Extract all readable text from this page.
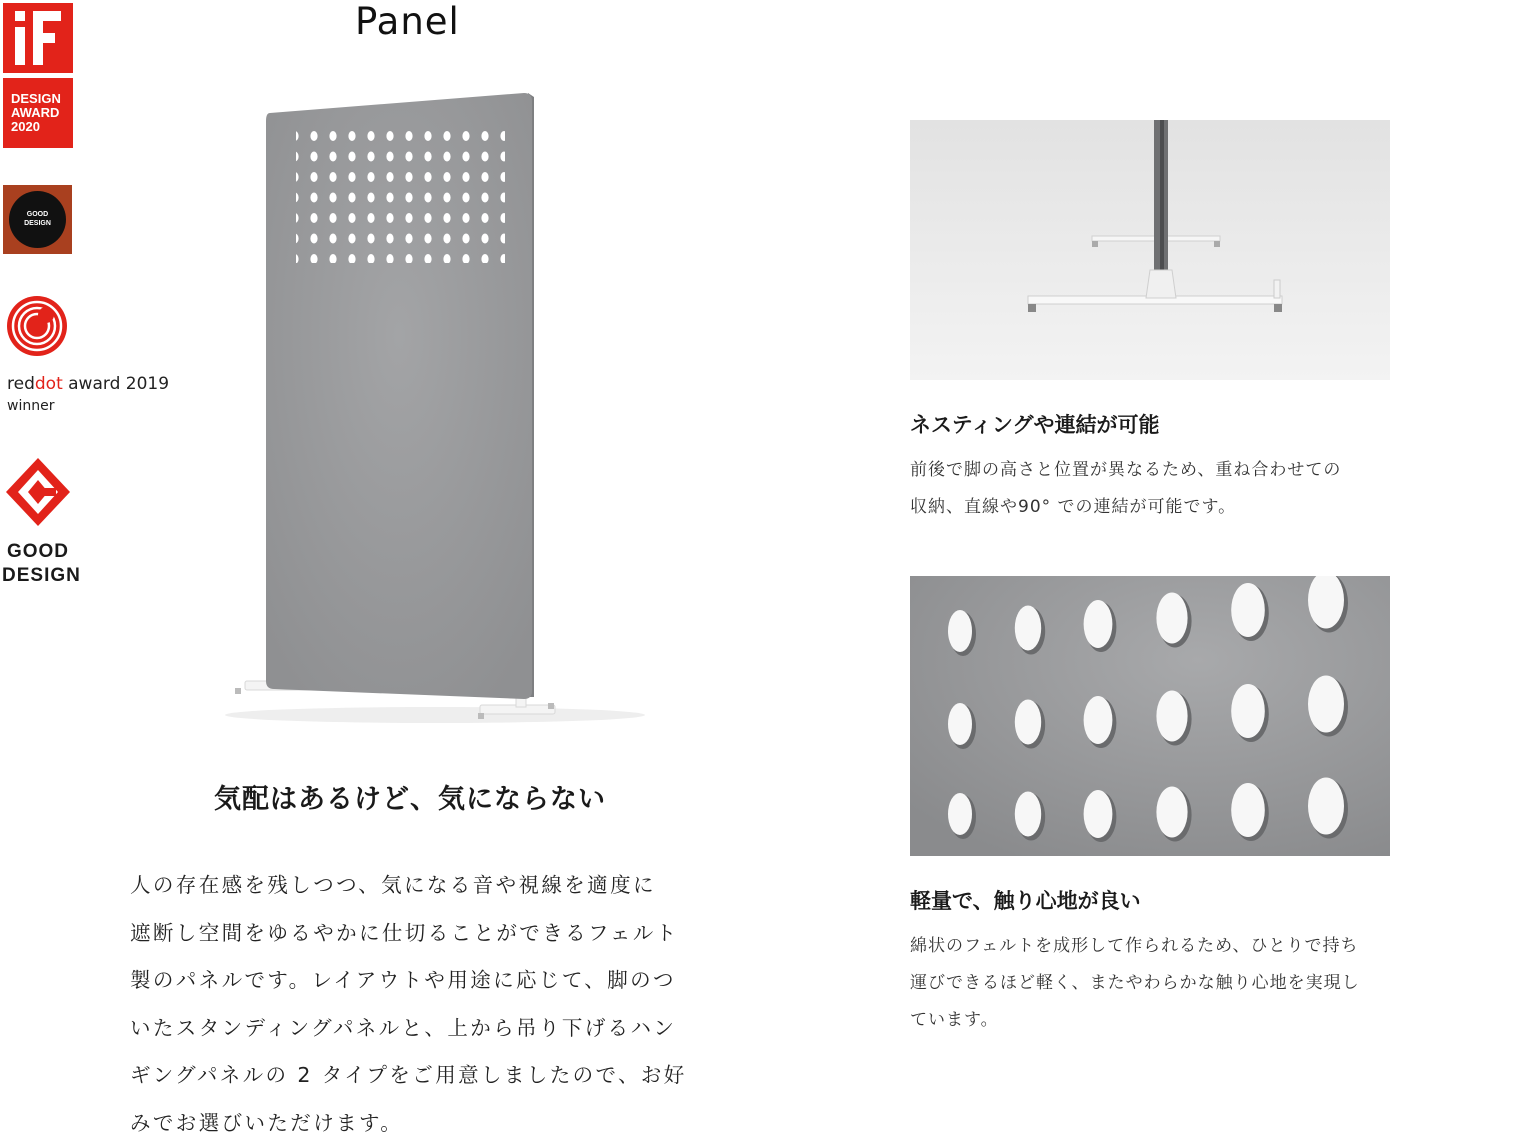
DESIGN
AWARD
2020
GOOD
DESIGN
reddot award 2019
winner
GOOD
DESIGN
Panel
気配はあるけど、気にならない

人の存在感を残しつつ、気になる音や視線を適度に
遮断し空間をゆるやかに仕切ることができるフェルト
製のパネルです。レイアウトや用途に応じて、脚のつ
いたスタンディングパネルと、上から吊り下げるハン
ギングパネルの 2 タイプをご用意しましたので、お好
みでお選びいただけます。

ネスティングや連結が可能

前後で脚の高さと位置が異なるため、重ね合わせての
収納、直線や90° での連結が可能です。

軽量で、触り心地が良い

綿状のフェルトを成形して作られるため、ひとりで持ち
運びできるほど軽く、またやわらかな触り心地を実現し
ています。
